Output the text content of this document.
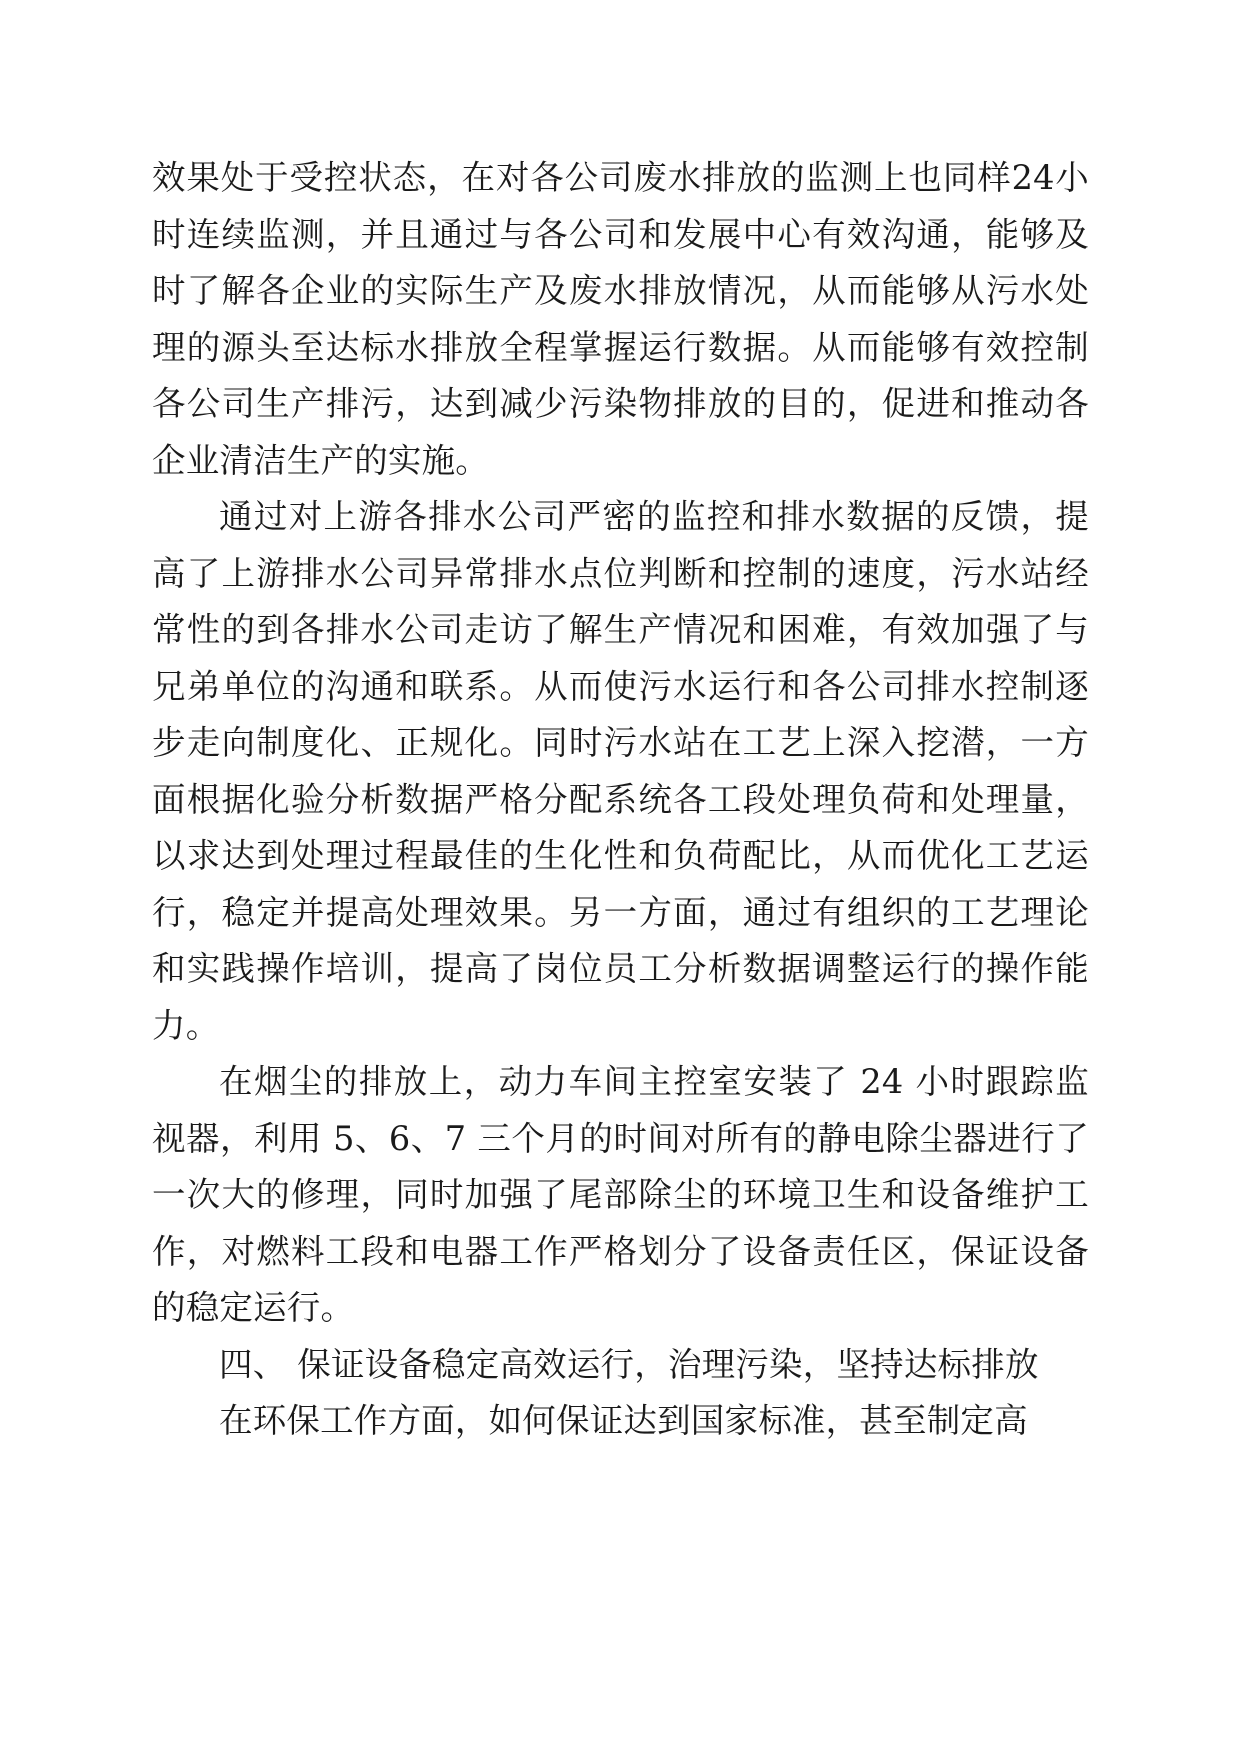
效果处于受控状态，在对各公司废水排放的监测上也同样24小时连续监测，并且通过与各公司和发展中心有效沟通，能够及时了解各企业的实际生产及废水排放情况，从而能够从污水处理的源头至达标水排放全程掌握运行数据。从而能够有效控制各公司生产排污，达到减少污染物排放的目的，促进和推动各企业清洁生产的实施。

通过对上游各排水公司严密的监控和排水数据的反馈，提高了上游排水公司异常排水点位判断和控制的速度，污水站经常性的到各排水公司走访了解生产情况和困难，有效加强了与兄弟单位的沟通和联系。从而使污水运行和各公司排水控制逐步走向制度化、正规化。同时污水站在工艺上深入挖潜，一方面根据化验分析数据严格分配系统各工段处理负荷和处理量，以求达到处理过程最佳的生化性和负荷配比，从而优化工艺运行，稳定并提高处理效果。另一方面，通过有组织的工艺理论和实践操作培训，提高了岗位员工分析数据调整运行的操作能力。

在烟尘的排放上，动力车间主控室安装了 24 小时跟踪监视器，利用 5、6、7 三个月的时间对所有的静电除尘器进行了一次大的修理，同时加强了尾部除尘的环境卫生和设备维护工作，对燃料工段和电器工作严格划分了设备责任区，保证设备的稳定运行。

四、 保证设备稳定高效运行，治理污染，坚持达标排放

在环保工作方面，如何保证达到国家标准，甚至制定高
